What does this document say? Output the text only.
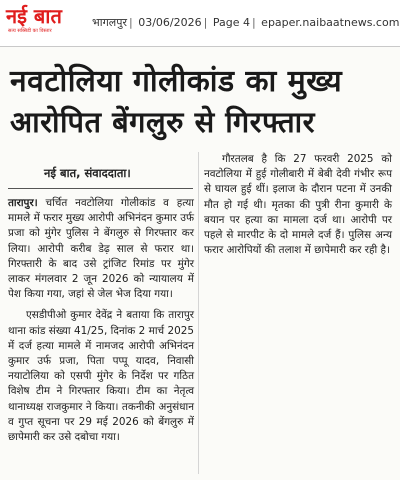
नई बात
सत्य सब्सिडी का विस्तार
भागलपुर | 03/06/2026 | Page 4 | epaper.naibaatnews.com
नवटोलिया गोलीकांड का मुख्य
आरोपित बेंगलुरु से गिरफ्तार
नई बात, संवाददाता।

तारापुर। चर्चित नवटोलिया गोलीकांड व हत्या मामले में फरार मुख्य आरोपी अभिनंदन कुमार उर्फ प्रजा को मुंगेर पुलिस ने बेंगलुरु से गिरफ्तार कर लिया। आरोपी करीब डेढ़ साल से फरार था। गिरफ्तारी के बाद उसे ट्रांजिट रिमांड पर मुंगेर लाकर मंगलवार 2 जून 2026 को न्यायालय में पेश किया गया, जहां से जेल भेज दिया गया।

एसडीपीओ कुमार देवेंद्र ने बताया कि तारापुर थाना कांड संख्या 41/25, दिनांक 2 मार्च 2025 में दर्ज हत्या मामले में नामजद आरोपी अभिनंदन कुमार उर्फ प्रजा, पिता पप्पू यादव, निवासी नयाटोलिया को एसपी मुंगेर के निर्देश पर गठित विशेष टीम ने गिरफ्तार किया। टीम का नेतृत्व थानाध्यक्ष राजकुमार ने किया। तकनीकी अनुसंधान व गुप्त सूचना पर 29 मई 2026 को बेंगलुरु में छापेमारी कर उसे दबोचा गया।

गौरतलब है कि 27 फरवरी 2025 को नवटोलिया में हुई गोलीबारी में बेबी देवी गंभीर रूप से घायल हुई थीं। इलाज के दौरान पटना में उनकी मौत हो गई थी। मृतका की पुत्री रीना कुमारी के बयान पर हत्या का मामला दर्ज था। आरोपी पर पहले से मारपीट के दो मामले दर्ज हैं। पुलिस अन्य फरार आरोपियों की तलाश में छापेमारी कर रही है।
